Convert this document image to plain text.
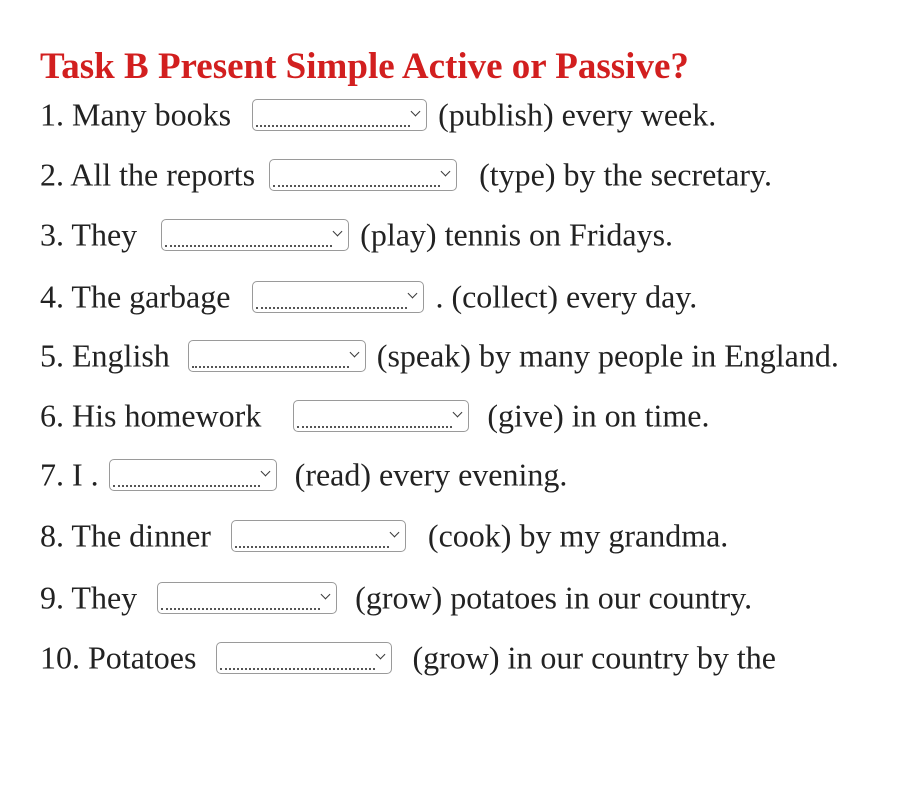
Task B Present Simple Active or Passive?
1. Many books	(publish) every week.
2. All the reports	(type) by the secretary.
3. They	(play) tennis on Fridays.
4. The garbage	. (collect) every day.
5. English	(speak) by many people in England.
6. His homework	(give) in on time.
7. I .	(read) every evening.
8. The dinner	(cook) by my grandma.
9. They	(grow) potatoes in our country.
10. Potatoes	(grow) in our country by the
